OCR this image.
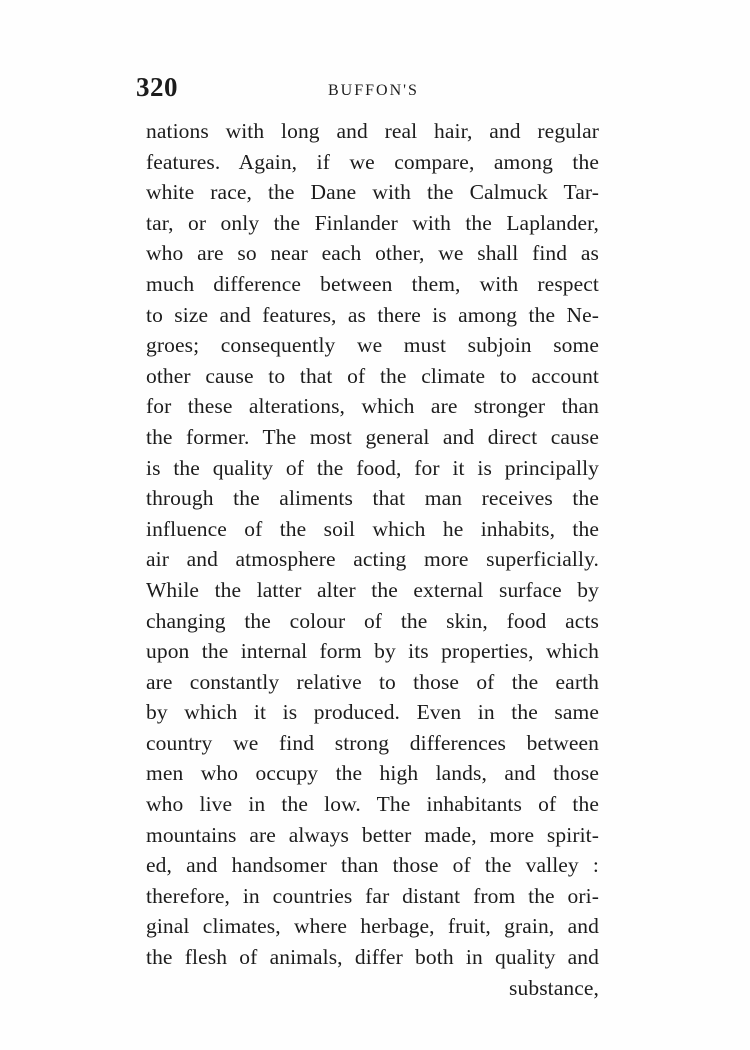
320	BUFFON'S
nations with long and real hair, and regular
features. Again, if we compare, among the
white race, the Dane with the Calmuck Tar-
tar, or only the Finlander with the Laplander,
who are so near each other, we shall find as
much difference between them, with respect
to size and features, as there is among the Ne-
groes; consequently we must subjoin some
other cause to that of the climate to account
for these alterations, which are stronger than
the former. The most general and direct cause
is the quality of the food, for it is principally
through the aliments that man receives the
influence of the soil which he inhabits, the
air and atmosphere acting more superficially.
While the latter alter the external surface by
changing the colour of the skin, food acts
upon the internal form by its properties, which
are constantly relative to those of the earth
by which it is produced. Even in the same
country we find strong differences between
men who occupy the high lands, and those
who live in the low. The inhabitants of the
mountains are always better made, more spirit-
ed, and handsomer than those of the valley :
therefore, in countries far distant from the ori-
ginal climates, where herbage, fruit, grain, and
the flesh of animals, differ both in quality and
substance,
